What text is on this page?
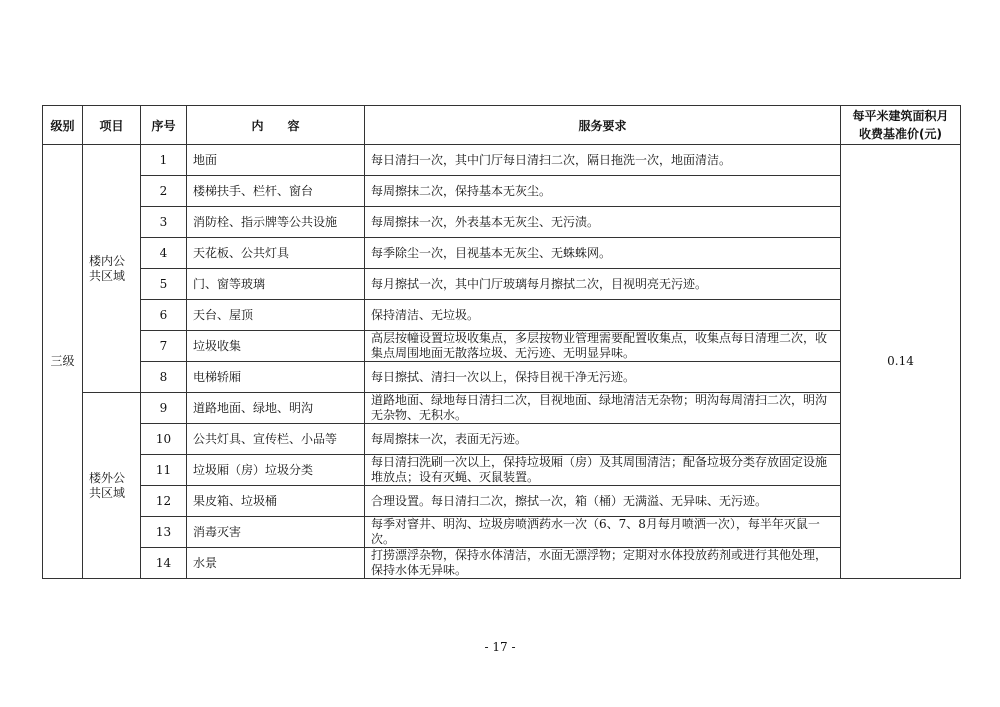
级别	项目	序号	内　　容	服务要求	每平米建筑面积月收费基准价(元)
三级	楼内公共区域	1	地面	每日清扫一次，其中门厅每日清扫二次，隔日拖洗一次，地面清洁。	0.14
		2	楼梯扶手、栏杆、窗台	每周擦抹二次，保持基本无灰尘。	
		3	消防栓、指示牌等公共设施	每周擦抹一次，外表基本无灰尘、无污渍。	
		4	天花板、公共灯具	每季除尘一次，目视基本无灰尘、无蛛蛛网。	
		5	门、窗等玻璃	每月擦拭一次，其中门厅玻璃每月擦拭二次，目视明亮无污迹。	
		6	天台、屋顶	保持清洁、无垃圾。	
		7	垃圾收集	高层按幢设置垃圾收集点，多层按物业管理需要配置收集点，收集点每日清理二次，收集点周围地面无散落垃圾、无污迹、无明显异味。	
		8	电梯轿厢	每日擦拭、清扫一次以上，保持目视干净无污迹。	
	楼外公共区域	9	道路地面、绿地、明沟	道路地面、绿地每日清扫二次，目视地面、绿地清洁无杂物；明沟每周清扫二次，明沟无杂物、无积水。	
		10	公共灯具、宣传栏、小品等	每周擦抹一次，表面无污迹。	
		11	垃圾厢（房）垃圾分类	每日清扫洗刷一次以上，保持垃圾厢（房）及其周围清洁；配备垃圾分类存放固定设施堆放点；设有灭蝇、灭鼠装置。	
		12	果皮箱、垃圾桶	合理设置。每日清扫二次，擦拭一次，箱（桶）无满溢、无异味、无污迹。	
		13	消毒灭害	每季对窨井、明沟、垃圾房喷洒药水一次（6、7、8月每月喷洒一次），每半年灭鼠一次。	
		14	水景	打捞漂浮杂物，保持水体清洁，水面无漂浮物；定期对水体投放药剂或进行其他处理，保持水体无异味。	
- 17 -
